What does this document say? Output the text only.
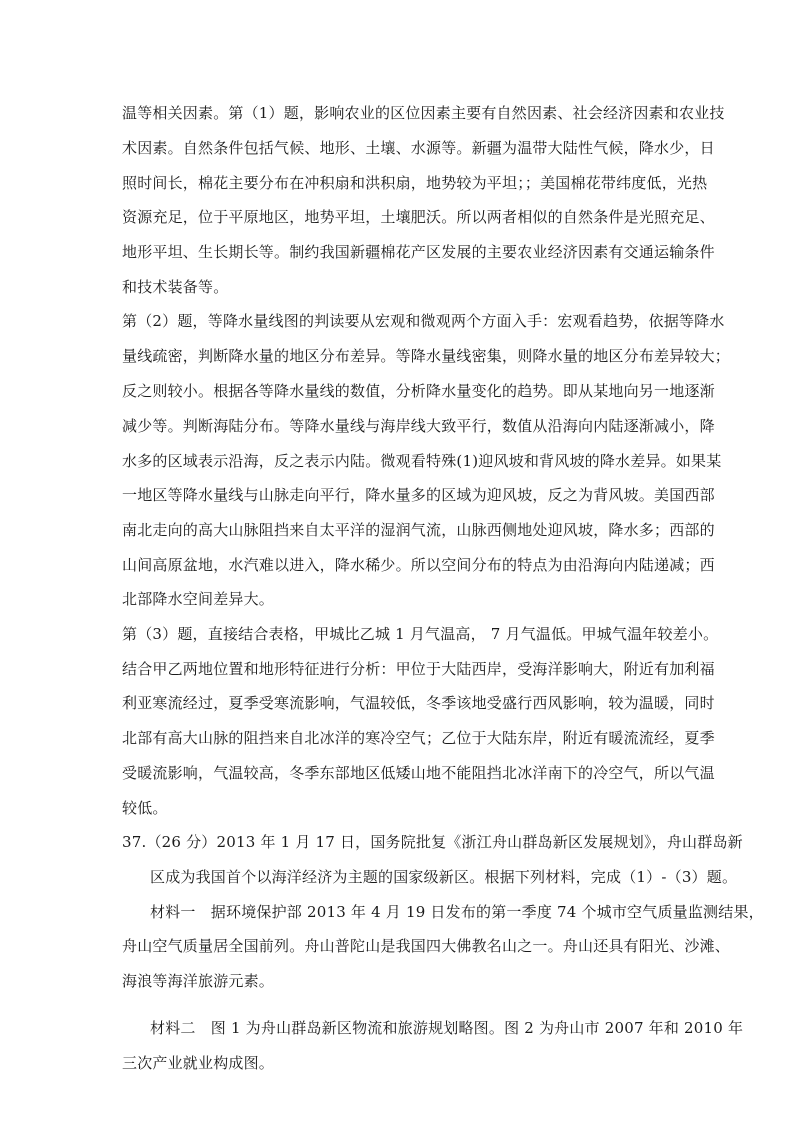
温等相关因素。第（1）题，影响农业的区位因素主要有自然因素、社会经济因素和农业技
术因素。自然条件包括气候、地形、土壤、水源等。新疆为温带大陆性气候，降水少，日
照时间长，棉花主要分布在冲积扇和洪积扇，地势较为平坦；；美国棉花带纬度低，光热
资源充足，位于平原地区，地势平坦，土壤肥沃。所以两者相似的自然条件是光照充足、
地形平坦、生长期长等。制约我国新疆棉花产区发展的主要农业经济因素有交通运输条件
和技术装备等。
第（2）题，等降水量线图的判读要从宏观和微观两个方面入手：宏观看趋势，依据等降水
量线疏密，判断降水量的地区分布差异。等降水量线密集，则降水量的地区分布差异较大；
反之则较小。根据各等降水量线的数值，分析降水量变化的趋势。即从某地向另一地逐渐
减少等。判断海陆分布。等降水量线与海岸线大致平行，数值从沿海向内陆逐渐减小，降
水多的区域表示沿海，反之表示内陆。微观看特殊(1)迎风坡和背风坡的降水差异。如果某
一地区等降水量线与山脉走向平行，降水量多的区域为迎风坡，反之为背风坡。美国西部
南北走向的高大山脉阻挡来自太平洋的湿润气流，山脉西侧地处迎风坡，降水多；西部的
山间高原盆地，水汽难以进入，降水稀少。所以空间分布的特点为由沿海向内陆递减；西
北部降水空间差异大。
第（3）题，直接结合表格，甲城比乙城 1 月气温高， 7 月气温低。甲城气温年较差小。
结合甲乙两地位置和地形特征进行分析：甲位于大陆西岸，受海洋影响大，附近有加利福
利亚寒流经过，夏季受寒流影响，气温较低，冬季该地受盛行西风影响，较为温暖，同时
北部有高大山脉的阻挡来自北冰洋的寒冷空气；乙位于大陆东岸，附近有暖流流经，夏季
受暖流影响，气温较高，冬季东部地区低矮山地不能阻挡北冰洋南下的冷空气，所以气温
较低。
37.（26 分）2013 年 1 月 17 日，国务院批复《浙江舟山群岛新区发展规划》，舟山群岛新
区成为我国首个以海洋经济为主题的国家级新区。根据下列材料，完成（1）-（3）题。
材料一　据环境保护部 2013 年 4 月 19 日发布的第一季度 74 个城市空气质量监测结果，
舟山空气质量居全国前列。舟山普陀山是我国四大佛教名山之一。舟山还具有阳光、沙滩、
海浪等海洋旅游元素。
材料二　图 1 为舟山群岛新区物流和旅游规划略图。图 2 为舟山市 2007 年和 2010 年
三次产业就业构成图。
